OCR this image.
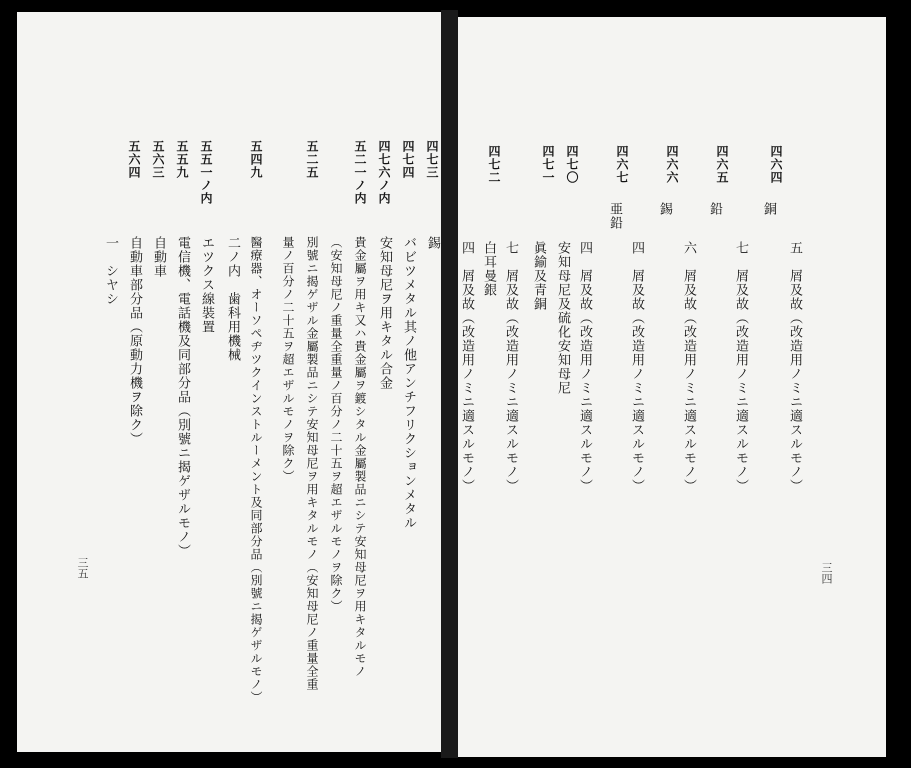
四七三
錫
四七四
バビツメタル其ノ他アンチフリクションメタル
四七六ノ内
安知母尼ヲ用キタル合金
五二一ノ内
貴金屬ヲ用キ又ハ貴金屬ヲ鍍シタル金屬製品ニシテ安知母尼ヲ用キタルモノ
（安知母尼ノ重量全重量ノ百分ノ二十五ヲ超エザルモノヲ除ク）
五二五
別號ニ揭ゲザル金屬製品ニシテ安知母尼ヲ用キタルモノ（安知母尼ノ重量全重
量ノ百分ノ二十五ヲ超エザルモノヲ除ク）
五四九
醫療器、オーソペヂツクインストルーメント及同部分品（別號ニ揭ゲザルモノ）
二ノ内　歯科用機械
五五一ノ内
エツクス線裝置
五五九
電信機、電話機及同部分品（別號ニ揭ゲザルモノ）
五六三
自動車
五六四
自動車部分品（原動力機ヲ除ク）
一　シヤシ
三五
四六四
五　屑及故（改造用ノミニ適スルモノ）
銅
四六五
七　屑及故（改造用ノミニ適スルモノ）
鉛
四六六
六　屑及故（改造用ノミニ適スルモノ）
錫
四六七
四　屑及故（改造用ノミニ適スルモノ）
亜鉛
四七〇
四　屑及故（改造用ノミニ適スルモノ）
四七一
安知母尼及硫化安知母尼
眞鍮及青銅
四七二
七　屑及故（改造用ノミニ適スルモノ）
白耳曼銀
四　屑及故（改造用ノミニ適スルモノ）
三四
